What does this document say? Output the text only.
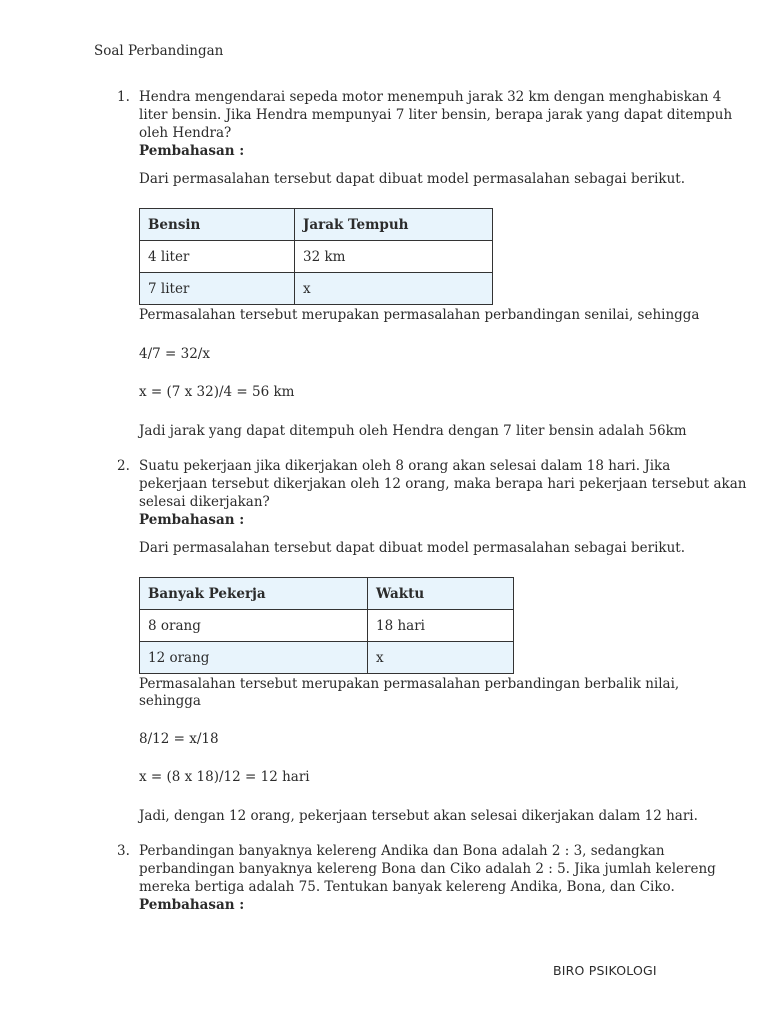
Soal Perbandingan
1. Hendra mengendarai sepeda motor menempuh jarak 32 km dengan menghabiskan 4
liter bensin. Jika Hendra mempunyai 7 liter bensin, berapa jarak yang dapat ditempuh
oleh Hendra?
Pembahasan :
Dari permasalahan tersebut dapat dibuat model permasalahan sebagai berikut.
Bensin	Jarak Tempuh
4 liter	32 km
7 liter	x
Permasalahan tersebut merupakan permasalahan perbandingan senilai, sehingga
4/7 = 32/x
x = (7 x 32)/4 = 56 km
Jadi jarak yang dapat ditempuh oleh Hendra dengan 7 liter bensin adalah 56km
2. Suatu pekerjaan jika dikerjakan oleh 8 orang akan selesai dalam 18 hari. Jika
pekerjaan tersebut dikerjakan oleh 12 orang, maka berapa hari pekerjaan tersebut akan
selesai dikerjakan?
Pembahasan :
Dari permasalahan tersebut dapat dibuat model permasalahan sebagai berikut.
Banyak Pekerja	Waktu
8 orang	18 hari
12 orang	x
Permasalahan tersebut merupakan permasalahan perbandingan berbalik nilai,
sehingga
8/12 = x/18
x = (8 x 18)/12 = 12 hari
Jadi, dengan 12 orang, pekerjaan tersebut akan selesai dikerjakan dalam 12 hari.
3. Perbandingan banyaknya kelereng Andika dan Bona adalah 2 : 3, sedangkan
perbandingan banyaknya kelereng Bona dan Ciko adalah 2 : 5. Jika jumlah kelereng
mereka bertiga adalah 75. Tentukan banyak kelereng Andika, Bona, dan Ciko.
Pembahasan :
BIRO PSIKOLOGI
